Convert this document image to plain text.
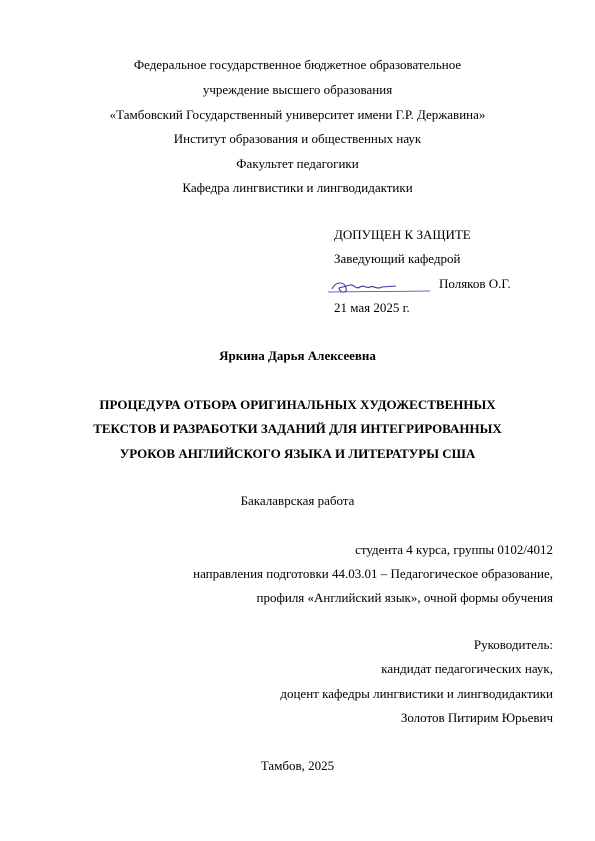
Федеральное государственное бюджетное образовательное
учреждение высшего образования
«Тамбовский Государственный университет имени Г.Р. Державина»
Институт образования и общественных наук
Факультет педагогики
Кафедра лингвистики и лингводидактики
ДОПУЩЕН К ЗАЩИТЕ
Заведующий кафедрой
Поляков О.Г.
21 мая 2025 г.
Яркина Дарья Алексеевна
ПРОЦЕДУРА ОТБОРА ОРИГИНАЛЬНЫХ ХУДОЖЕСТВЕННЫХ
ТЕКСТОВ И РАЗРАБОТКИ ЗАДАНИЙ ДЛЯ ИНТЕГРИРОВАННЫХ
УРОКОВ АНГЛИЙСКОГО ЯЗЫКА И ЛИТЕРАТУРЫ США
Бакалаврская работа
студента 4 курса, группы 0102/4012
направления подготовки 44.03.01 – Педагогическое образование,
профиля «Английский язык», очной формы обучения
Руководитель:
кандидат педагогических наук,
доцент кафедры лингвистики и лингводидактики
Золотов Питирим Юрьевич
Тамбов, 2025
